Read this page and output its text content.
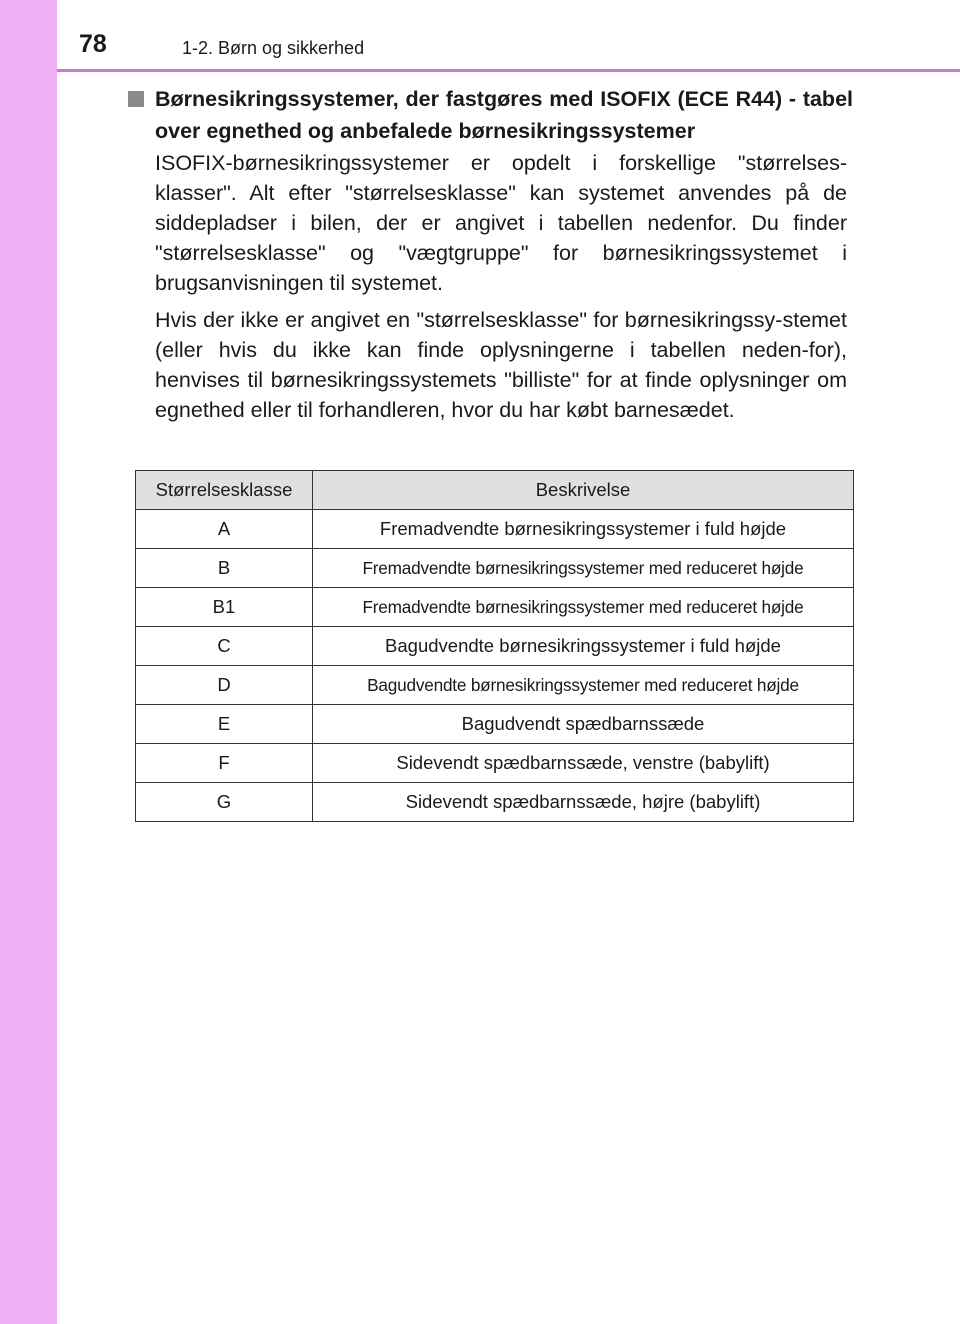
78	1-2. Børn og sikkerhed
Børnesikringssystemer, der fastgøres med ISOFIX (ECE R44) - tabel over egnethed og anbefalede børnesikringssystemer

ISOFIX-børnesikringssystemer er opdelt i forskellige "størrelses-klasser". Alt efter "størrelsesklasse" kan systemet anvendes på de siddepladser i bilen, der er angivet i tabellen nedenfor. Du finder "størrelsesklasse" og "vægtgruppe" for børnesikringssystemet i brugsanvisningen til systemet.

Hvis der ikke er angivet en "størrelsesklasse" for børnesikringssy-stemet (eller hvis du ikke kan finde oplysningerne i tabellen neden-for), henvises til børnesikringssystemets "billiste" for at finde oplysninger om egnethed eller til forhandleren, hvor du har købt barnesædet.

Størrelsesklasse	Beskrivelse
A	Fremadvendte børnesikringssystemer i fuld højde
B	Fremadvendte børnesikringssystemer med reduceret højde
B1	Fremadvendte børnesikringssystemer med reduceret højde
C	Bagudvendte børnesikringssystemer i fuld højde
D	Bagudvendte børnesikringssystemer med reduceret højde
E	Bagudvendt spædbarnssæde
F	Sidevendt spædbarnssæde, venstre (babylift)
G	Sidevendt spædbarnssæde, højre (babylift)
